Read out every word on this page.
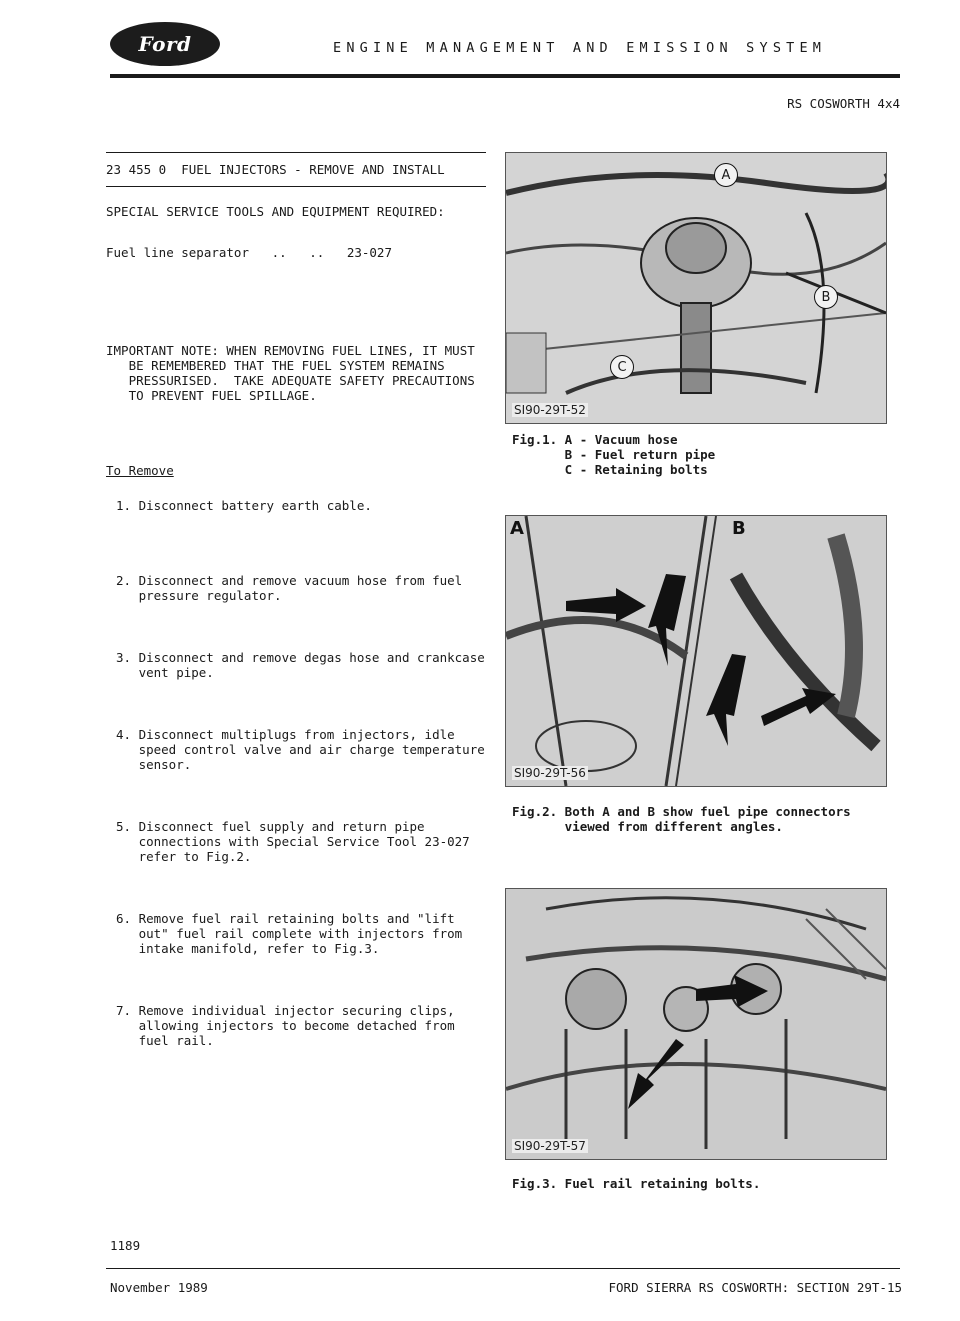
Ford	ENGINE MANAGEMENT AND EMISSION SYSTEM
RS COSWORTH 4x4
23 455 0  FUEL INJECTORS - REMOVE AND INSTALL
SPECIAL SERVICE TOOLS AND EQUIPMENT REQUIRED:
Fuel line separator   ..   ..   23-027
IMPORTANT NOTE: WHEN REMOVING FUEL LINES, IT MUST
BE REMEMBERED THAT THE FUEL SYSTEM REMAINS
PRESSURISED.  TAKE ADEQUATE SAFETY PRECAUTIONS
TO PREVENT FUEL SPILLAGE.
To Remove
1. Disconnect battery earth cable.
2. Disconnect and remove vacuum hose from fuel
pressure regulator.
3. Disconnect and remove degas hose and crankcase
vent pipe.
4. Disconnect multiplugs from injectors, idle
speed control valve and air charge temperature
sensor.
5. Disconnect fuel supply and return pipe
connections with Special Service Tool 23-027
refer to Fig.2.
6. Remove fuel rail retaining bolts and "lift
out" fuel rail complete with injectors from
intake manifold, refer to Fig.3.
7. Remove individual injector securing clips,
allowing injectors to become detached from
fuel rail.
A
B
C
SI90-29T-52
Fig.1. A - Vacuum hose
B - Fuel return pipe
C - Retaining bolts
A	B
SI90-29T-56
Fig.2. Both A and B show fuel pipe connectors
viewed from different angles.
SI90-29T-57
Fig.3. Fuel rail retaining bolts.
1189
November 1989	FORD SIERRA RS COSWORTH: SECTION 29T-15
